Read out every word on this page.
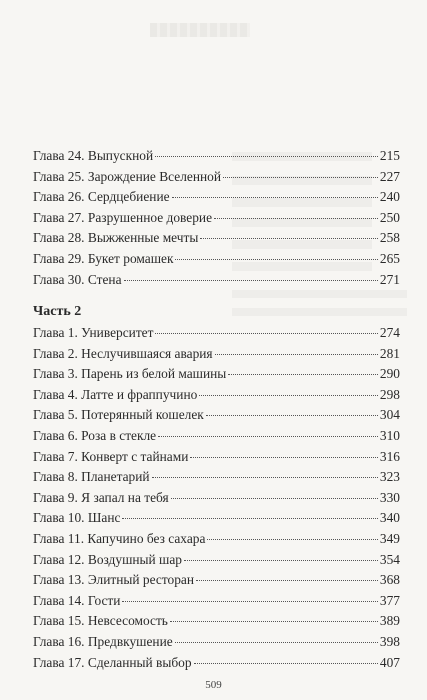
Глава 24. Выпускной	215
Глава 25. Зарождение Вселенной	227
Глава 26. Сердцебиение	240
Глава 27. Разрушенное доверие	250
Глава 28. Выжженные мечты	258
Глава 29. Букет ромашек	265
Глава 30. Стена	271
Часть 2
Глава 1. Университет	274
Глава 2. Неслучившаяся авария	281
Глава 3. Парень из белой машины	290
Глава 4. Латте и фраппучино	298
Глава 5. Потерянный кошелек	304
Глава 6. Роза в стекле	310
Глава 7. Конверт с тайнами	316
Глава 8. Планетарий	323
Глава 9. Я запал на тебя	330
Глава 10. Шанс	340
Глава 11. Капучино без сахара	349
Глава 12. Воздушный шар	354
Глава 13. Элитный ресторан	368
Глава 14. Гости	377
Глава 15. Невсесомость	389
Глава 16. Предвкушение	398
Глава 17. Сделанный выбор	407
509
